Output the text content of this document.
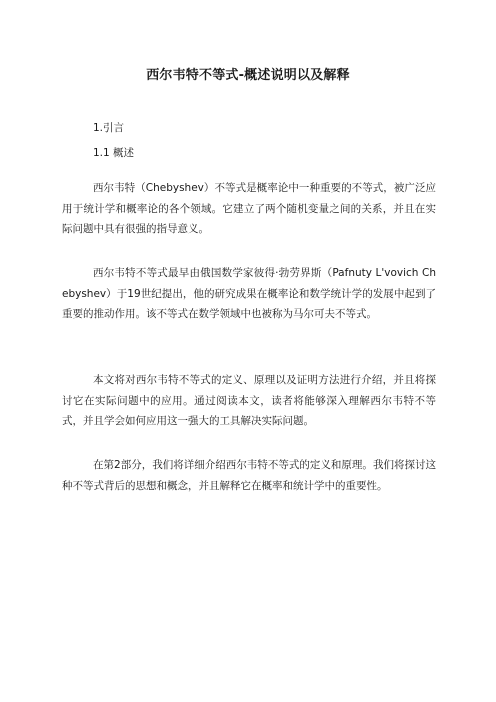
西尔韦特不等式-概述说明以及解释

1.引言

1.1 概述

西尔韦特（Chebyshev）不等式是概率论中一种重要的不等式，被广泛应用于统计学和概率论的各个领域。它建立了两个随机变量之间的关系，并且在实际问题中具有很强的指导意义。

西尔韦特不等式最早由俄国数学家彼得·勃劳界斯（Pafnuty L'vovich Chebyshev）于19世纪提出，他的研究成果在概率论和数学统计学的发展中起到了重要的推动作用。该不等式在数学领域中也被称为马尔可夫不等式。

本文将对西尔韦特不等式的定义、原理以及证明方法进行介绍，并且将探讨它在实际问题中的应用。通过阅读本文，读者将能够深入理解西尔韦特不等式，并且学会如何应用这一强大的工具解决实际问题。

在第2部分，我们将详细介绍西尔韦特不等式的定义和原理。我们将探讨这种不等式背后的思想和概念，并且解释它在概率和统计学中的重要性。
